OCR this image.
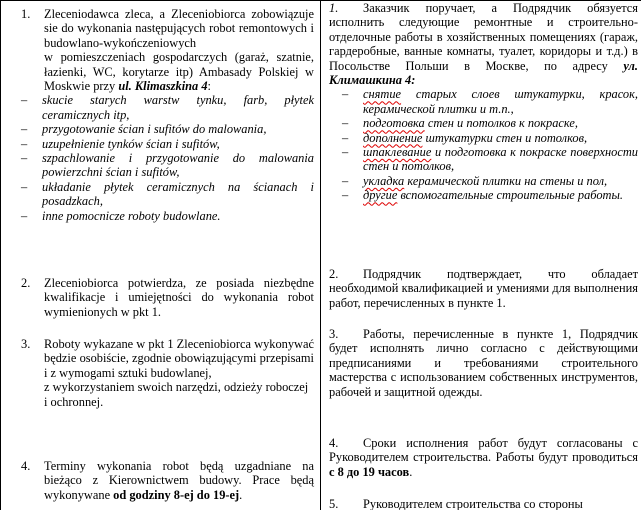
1. Zleceniodawca zleca, a Zleceniobiorca zobowiązuje sie do wykonania następujących robot remontowych i budowlano-wykończeniowych
w pomieszczeniach gospodarczych (garaż, szatnie, łazienki, WC, korytarze itp) Ambasady Polskiej w Moskwie przy ul. Klimaszkina 4:
– skucie starych warstw tynku, farb, płytek ceramicznych itp,
– przygotowanie ścian i sufitów do malowania,
– uzupełnienie tynków ścian i sufitów,
– szpachlowanie i przygotowanie do malowania powierzchni ścian i sufitów,
– układanie płytek ceramicznych na ścianach i posadzkach,
– inne pomocnicze roboty budowlane.
2. Zleceniobiorca potwierdza, ze posiada niezbędne kwalifikacje i umiejętności do wykonania robot wymienionych w pkt 1.
3. Roboty wykazane w pkt 1 Zleceniobiorca wykonywać będzie osobiście, zgodnie obowiązującymi przepisami i z wymogami sztuki budowlanej,
z wykorzystaniem swoich narzędzi, odzieży roboczej
i ochronnej.
4. Terminy wykonania robot będą uzgadniane na bieżąco z Kierownictwem budowy. Prace będą wykonywane od godziny 8-ej do 19-ej.
1. Заказчик поручает, а Подрядчик обязуется исполнить следующие ремонтные и строительно-отделочные работы в хозяйственных помещениях (гараж, гардеробные, ванные комнаты, туалет, коридоры и т.д.) в Посольстве Польши в Москве, по адресу ул. Климашкина 4:
– снятие старых слоев штукатурки, красок, керамической плитки и т.п.,
– подготовка стен и потолков к покраске,
– дополнение штукатурки стен и потолков,
– шпаклевание и подготовка к покраске поверхности стен и потолков,
– укладка керамической плитки на стены и пол,
– другие вспомогательные строительные работы.
2. Подрядчик подтверждает, что обладает необходимой квалификацией и умениями для выполнения работ, перечисленных в пункте 1.
3. Работы, перечисленные в пункте 1, Подрядчик будет исполнять лично согласно с действующими предписаниями и требованиями строительного мастерства с использованием собственных инструментов, рабочей и защитной одежды.
4. Сроки исполнения работ будут согласованы с Руководителем строительства. Работы будут проводиться с 8 до 19 часов.
5. Руководителем строительства со стороны
